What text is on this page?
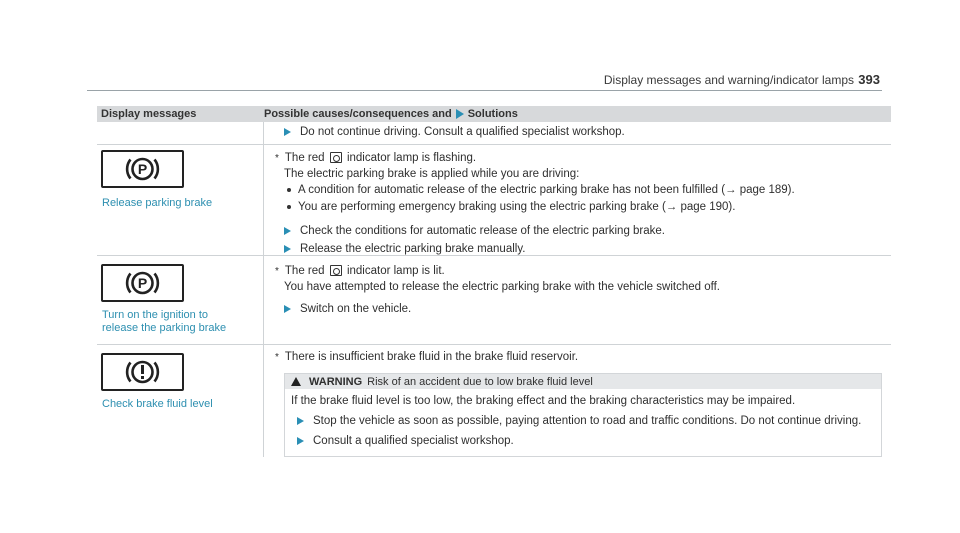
Display messages and warning/indicator lamps 393
Display messages	Possible causes/consequences and Solutions
Do not continue driving. Consult a qualified specialist workshop.
P
Release parking brake
* The red indicator lamp is flashing.
The electric parking brake is applied while you are driving:
A condition for automatic release of the electric parking brake has not been fulfilled (→ page 189).
You are performing emergency braking using the electric parking brake (→ page 190).
Check the conditions for automatic release of the electric parking brake.
Release the electric parking brake manually.
P
Turn on the ignition to
release the parking brake
* The red indicator lamp is lit.
You have attempted to release the electric parking brake with the vehicle switched off.
Switch on the vehicle.
Check brake fluid level
* There is insufficient brake fluid in the brake fluid reservoir.
WARNING Risk of an accident due to low brake fluid level
If the brake fluid level is too low, the braking effect and the braking characteristics may be impaired.
Stop the vehicle as soon as possible, paying attention to road and traffic conditions. Do not continue driving.
Consult a qualified specialist workshop.
